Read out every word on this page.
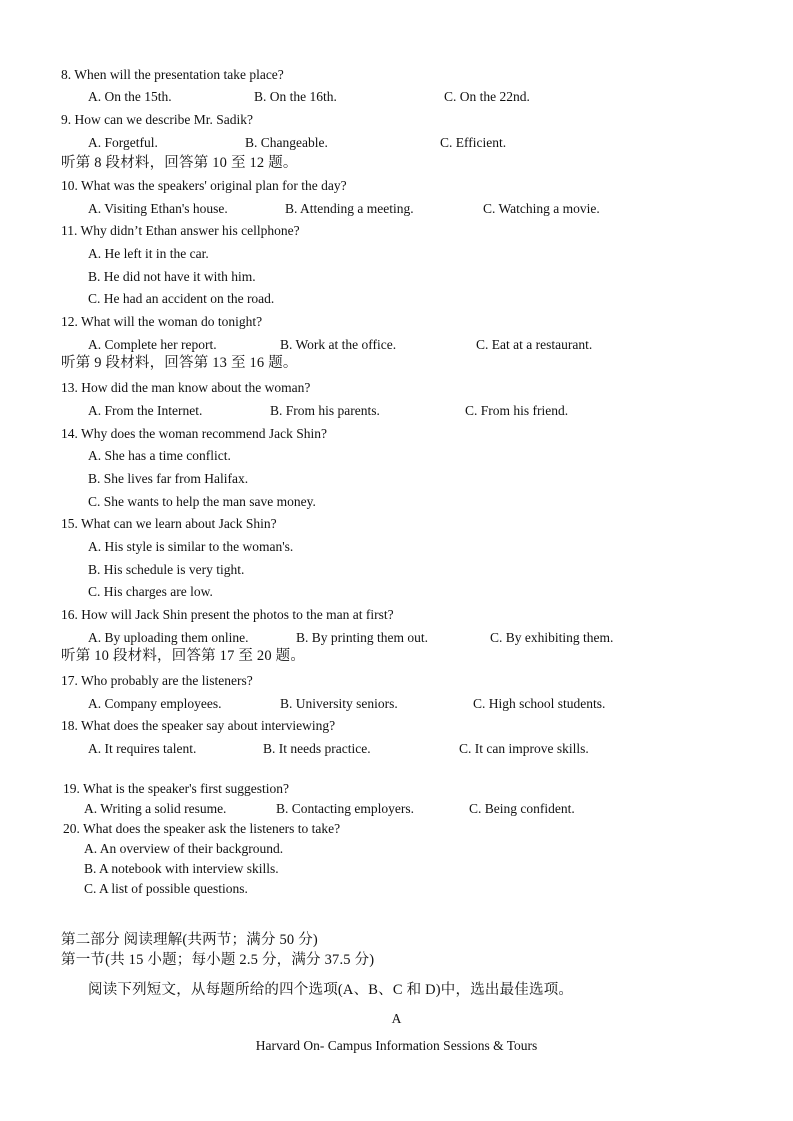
8. When will the presentation take place?
A. On the 15th.	B. On the 16th.	C. On the 22nd.
9. How can we describe Mr. Sadik?
A. Forgetful.	B. Changeable.	C. Efficient.
听第 8 段材料，回答第 10 至 12 题。
10. What was the speakers' original plan for the day?
A. Visiting Ethan's house.	B. Attending a meeting.	C. Watching a movie.
11. Why didn’t Ethan answer his cellphone?
A. He left it in the car.
B. He did not have it with him.
C. He had an accident on the road.
12. What will the woman do tonight?
A. Complete her report.	B. Work at the office.	C. Eat at a restaurant.
听第 9 段材料，回答第 13 至 16 题。
13. How did the man know about the woman?
A. From the Internet.	B. From his parents.	C. From his friend.
14. Why does the woman recommend Jack Shin?
A. She has a time conflict.
B. She lives far from Halifax.
C. She wants to help the man save money.
15. What can we learn about Jack Shin?
A. His style is similar to the woman's.
B. His schedule is very tight.
C. His charges are low.
16. How will Jack Shin present the photos to the man at first?
A. By uploading them online.	B. By printing them out.	C. By exhibiting them.
听第 10 段材料，回答第 17 至 20 题。
17. Who probably are the listeners?
A. Company employees.	B. University seniors.	C. High school students.
18. What does the speaker say about interviewing?
A. It requires talent.	B. It needs practice.	C. It can improve skills.
19. What is the speaker's first suggestion?
A. Writing a solid resume.	B. Contacting employers.	C. Being confident.
20. What does the speaker ask the listeners to take?
A. An overview of their background.
B. A notebook with interview skills.
C. A list of possible questions.
第二部分 阅读理解(共两节；满分 50 分)
第一节(共 15 小题；每小题 2.5 分，满分 37.5 分)
阅读下列短文，从每题所给的四个选项(A、B、C 和 D)中，选出最佳选项。
A
Harvard On- Campus Information Sessions & Tours
